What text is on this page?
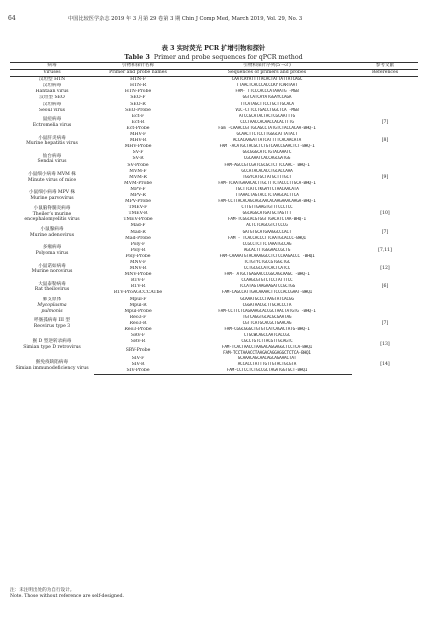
64	中国比较医学杂志 2019 年 3 月第 29 卷第 3 期 Chin J Comp Med, March 2019, Vol. 29, No. 3
表 3 实时荧光 PCR 扩增引物和探针
Table 3 Primer and probe sequences for qPCR method
病毒	引物和探针名称	引物和探针序列(5′→3′)	参考文献
Viruses	Primer and probe names	Sequences of primers and probes	References
汉坦型 HTN	HTN-F	CAATCAYATTTTACACTATTATTATCAGC	
汉坦病毒	HTN-R	TTAACTCACCCACCCKYTCARTAAT	
Hantaan virus	HTN-Probe	FAM- TTCCCACCCATAAATG -MGB	
汉坦型 SEO	SEO-F	GGTCATCAYATGGAYCCAGA	
汉坦病毒	SEO-R	TTCATAGCTTCCTGCTTGCACA	
Seoul virus	SEO-Probe	VIC-CTTCCTGACCTGGCTCA -MGB	

鼠痘病毒
Ectromelia virus	Ect-F	ATCCGCATACTACTCGCAATTTG	[7]
	Ect-R	CCCTAACCACAACCACACTTTG	
	Ect-Probe	Fam -CAAACCGTTGCAGCCTATGTCTACCACAA-BHQ-1	

小鼠肝炎病毒
Murine hepatitis virus	MHV-F	GCAACTTCTCCTTGGGCATTATACT	[8]
	MHV-R	ACCACAAGATTATCATTTTCACAACATA	
	MHV-Probe	FAM -ACATGCTACGCTCTGTCAACCGAACTCT-BHQ-1	

仙台病毒
Sendai virus	SV-F	GGCGGGCATCTGTACAAATC	
	SV-R	CGCAAATCACCAGCGATGG	
	SV-Probe	FAM-AGCCGTCGATCGCGCTCTTCCAAC- BHQ-1	

小鼠细小病毒 MVM 株
Minute virus of mice	MVM-F	GCCATACACACCTGCACCAAA	[9]
	MVM-R	TGGYCATGCTATGCTTTGCT	
	MVM-Probe	FAM-TCAATGAAACACTTGCTTTCTACCCTTGCA-BHQ-1	

小鼠细小病毒 MPV 株
Murine parvovirus	MPV-F	TGCTTCATCTKGAYTCTAACAACATA	
	MPV-R	TTAAACTAGTACCTCTAAGCACTTCA	
	MPV-Probe	FAM-CCTTACACAGCAGCAACACAAGAAACAAGA-BHQ-1	

小鼠脑脊髓炎病毒
Theiler’s murine
encephalomyelitis virus	TMEV-F	CTTGTTGAAGTGTTTCCCTCC	[10]
	TMEV-R	GGCAGGCATGATGCTAGTTT	
	TMEV-Probe	FAM-TCGGCACGTGGTTGACATCTAA-BHQ-1	

小鼠腺病毒
Murine adenovirus	Mad-F	ACTCTCAGCGTCTCCCG	[7]
	Mad-R	GATGTGCATGAAGGCCCACT	
	Mad-Probe	FAM - TCACCACCCTTCAATGCACCC-BHQ1	

多瘤病毒
Polyoma virus	Poly-F	CCGCCTCTTCTAAATGCCAG	[7,11]
	Poly-R	AGCACTTTGGGAACCGCTG	
	Poly-Probe	FAM-CAAAATGTACAAAGGCCTCTCCAAGACCC -BHQ1	

小鼠诺如病毒
Murine norovirus	MNV-F	TCTGTYCTGCCGTGGCTGC	[12]
	MNV-R	CCTGCGCCATCACTCATCC	
	MNV-Probe	FAM- ATGCTGAGAACCCGGCAGCAAGC -BHQ-1	

大鼠泰勒病毒
Rat theilovirus	RTV-F	CCAAGCGTGTCTCCTATTTCC	[6]
	RTV-R	TCCATAGTAAGAAGATCCGCTGG	
	RTV-ProAGCCCATbe	FAM-CAGCCATTGACAAAACTTCCCACCGAAT-BHQ1	

肺支原体
Mycoplasma
pulmonis	Mpul-F	GCAAATGCCCTAAGTATCACGG	
	Mpul-R	CGGATAACGCTTGCACCCTA	
	Mpul-Probe	FAM-CCTTCTCAGAAAGCACCGCTAACTATGTG -BHQ-1	

呼肠孤病毒 III 型
Reovirus type 3	Reo3-F	TGTCAGGTGCACGCGAATAG	[7]
	Reo3-R	CGTTCATGCACGCTGAACAG	
	Reo3-Probe	FAM-CGGCGGGCTGTGTCATCAGACTATG-BHQ-1	

猴 D 型逆转录病毒
Simian type D retrovirus	SRV-F	CTGCWCAGCCAATCACCGC	[13]
	SRV-R	CGCCTGTCTTACGTTGCAGTC	
	SRV-Probe	FAM-TCACTAACCTAAGACAGGAGGCTCCTCA-BHQ1
FAM-TCCTAAACCTAAGACAGGAGGCTCTCA-BHQ1	

猴免疫缺陷病毒
Simian immunodeficiency virus	SIV-F	GCAAACAGCAACAGCAGAAACTAT	[14]
	SIV-R	ACCACCTATTTGTTGTACTGCGTA	
	SIV-Probe	FAM-CCTCCTCTGCCGCTAGATGGTGCT-BHQ1	
注：未注明出处的为自行设计。
Note. Those without reference are self-designed.
